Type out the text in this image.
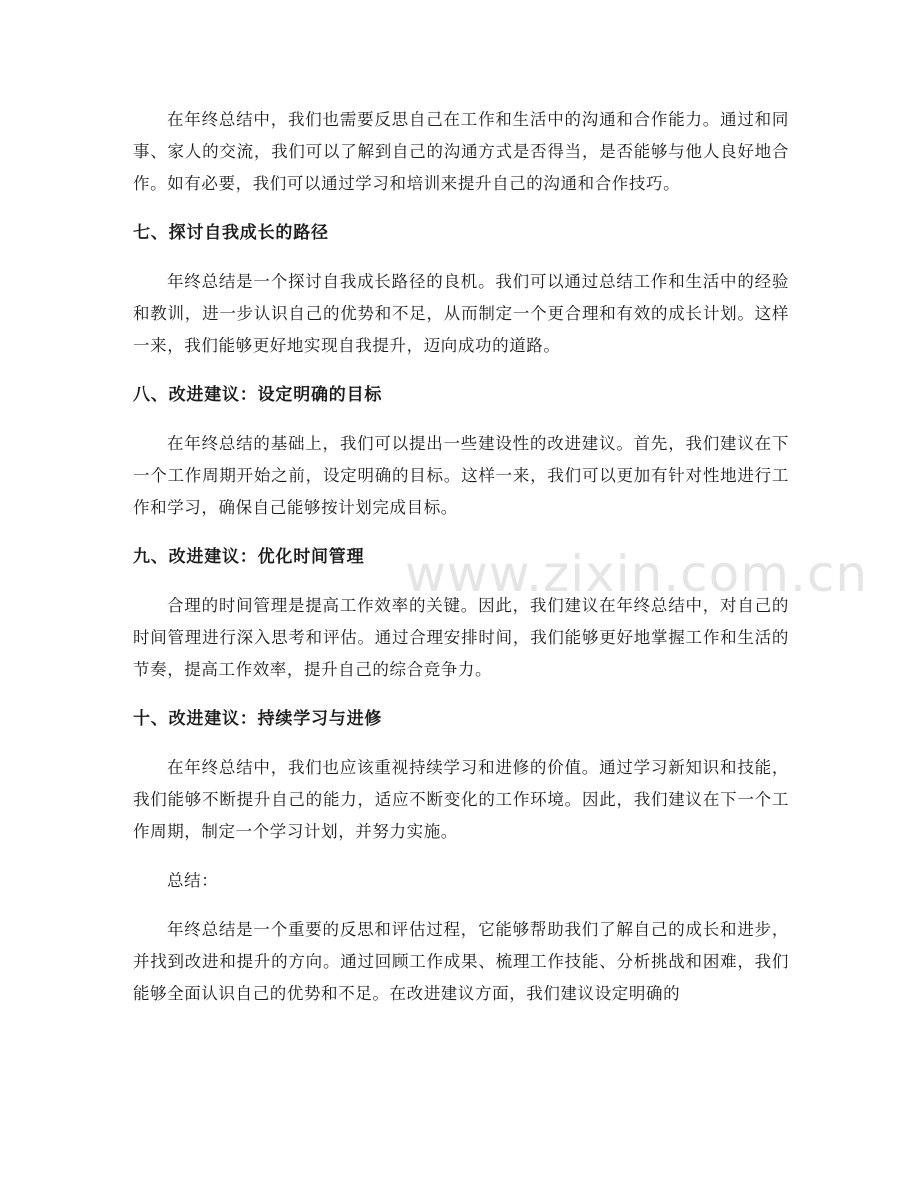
在年终总结中，我们也需要反思自己在工作和生活中的沟通和合作能力。通过和同事、家人的交流，我们可以了解到自己的沟通方式是否得当，是否能够与他人良好地合作。如有必要，我们可以通过学习和培训来提升自己的沟通和合作技巧。

七、探讨自我成长的路径

年终总结是一个探讨自我成长路径的良机。我们可以通过总结工作和生活中的经验和教训，进一步认识自己的优势和不足，从而制定一个更合理和有效的成长计划。这样一来，我们能够更好地实现自我提升，迈向成功的道路。

八、改进建议：设定明确的目标

在年终总结的基础上，我们可以提出一些建设性的改进建议。首先，我们建议在下一个工作周期开始之前，设定明确的目标。这样一来，我们可以更加有针对性地进行工作和学习，确保自己能够按计划完成目标。

九、改进建议：优化时间管理

合理的时间管理是提高工作效率的关键。因此，我们建议在年终总结中，对自己的时间管理进行深入思考和评估。通过合理安排时间，我们能够更好地掌握工作和生活的节奏，提高工作效率，提升自己的综合竞争力。

十、改进建议：持续学习与进修

在年终总结中，我们也应该重视持续学习和进修的价值。通过学习新知识和技能，我们能够不断提升自己的能力，适应不断变化的工作环境。因此，我们建议在下一个工作周期，制定一个学习计划，并努力实施。

总结：

年终总结是一个重要的反思和评估过程，它能够帮助我们了解自己的成长和进步，并找到改进和提升的方向。通过回顾工作成果、梳理工作技能、分析挑战和困难，我们能够全面认识自己的优势和不足。在改进建议方面，我们建议设定明确的

www.zixin.com.cn
